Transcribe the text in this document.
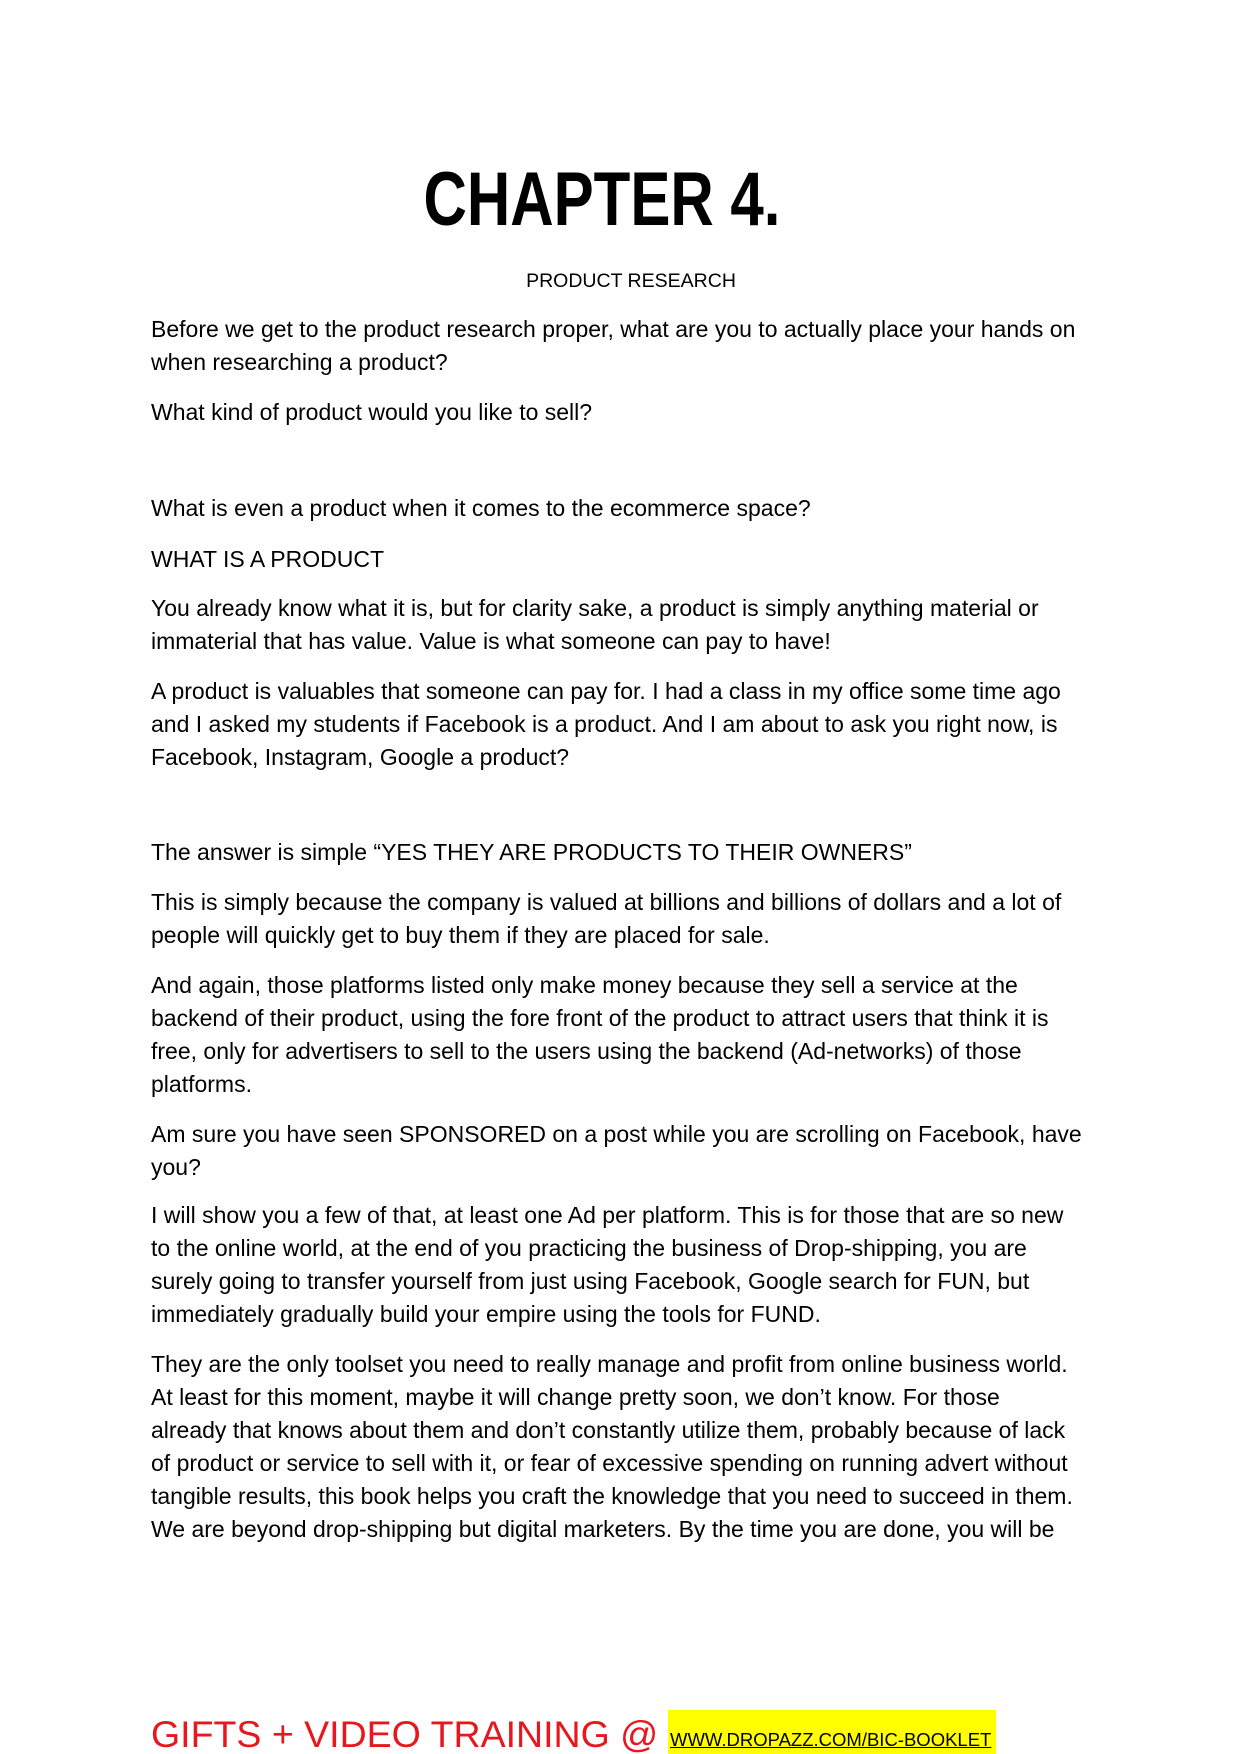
CHAPTER 4.
PRODUCT RESEARCH
Before we get to the product research proper, what are you to actually place your hands on
when researching a product?
What kind of product would you like to sell?
What is even a product when it comes to the ecommerce space?
WHAT IS A PRODUCT
You already know what it is, but for clarity sake, a product is simply anything material or
immaterial that has value. Value is what someone can pay to have!
A product is valuables that someone can pay for. I had a class in my office some time ago
and I asked my students if Facebook is a product. And I am about to ask you right now, is
Facebook, Instagram, Google a product?
The answer is simple “YES THEY ARE PRODUCTS TO THEIR OWNERS”
This is simply because the company is valued at billions and billions of dollars and a lot of
people will quickly get to buy them if they are placed for sale.
And again, those platforms listed only make money because they sell a service at the
backend of their product, using the fore front of the product to attract users that think it is
free, only for advertisers to sell to the users using the backend (Ad-networks) of those
platforms.
Am sure you have seen SPONSORED on a post while you are scrolling on Facebook, have
you?
I will show you a few of that, at least one Ad per platform. This is for those that are so new
to the online world, at the end of you practicing the business of Drop-shipping, you are
surely going to transfer yourself from just using Facebook, Google search for FUN, but
immediately gradually build your empire using the tools for FUND.
They are the only toolset you need to really manage and profit from online business world.
At least for this moment, maybe it will change pretty soon, we don’t know. For those
already that knows about them and don’t constantly utilize them, probably because of lack
of product or service to sell with it, or fear of excessive spending on running advert without
tangible results, this book helps you craft the knowledge that you need to succeed in them.
We are beyond drop-shipping but digital marketers. By the time you are done, you will be
GIFTS + VIDEO TRAINING @ WWW.DROPAZZ.COM/BIC-BOOKLET
